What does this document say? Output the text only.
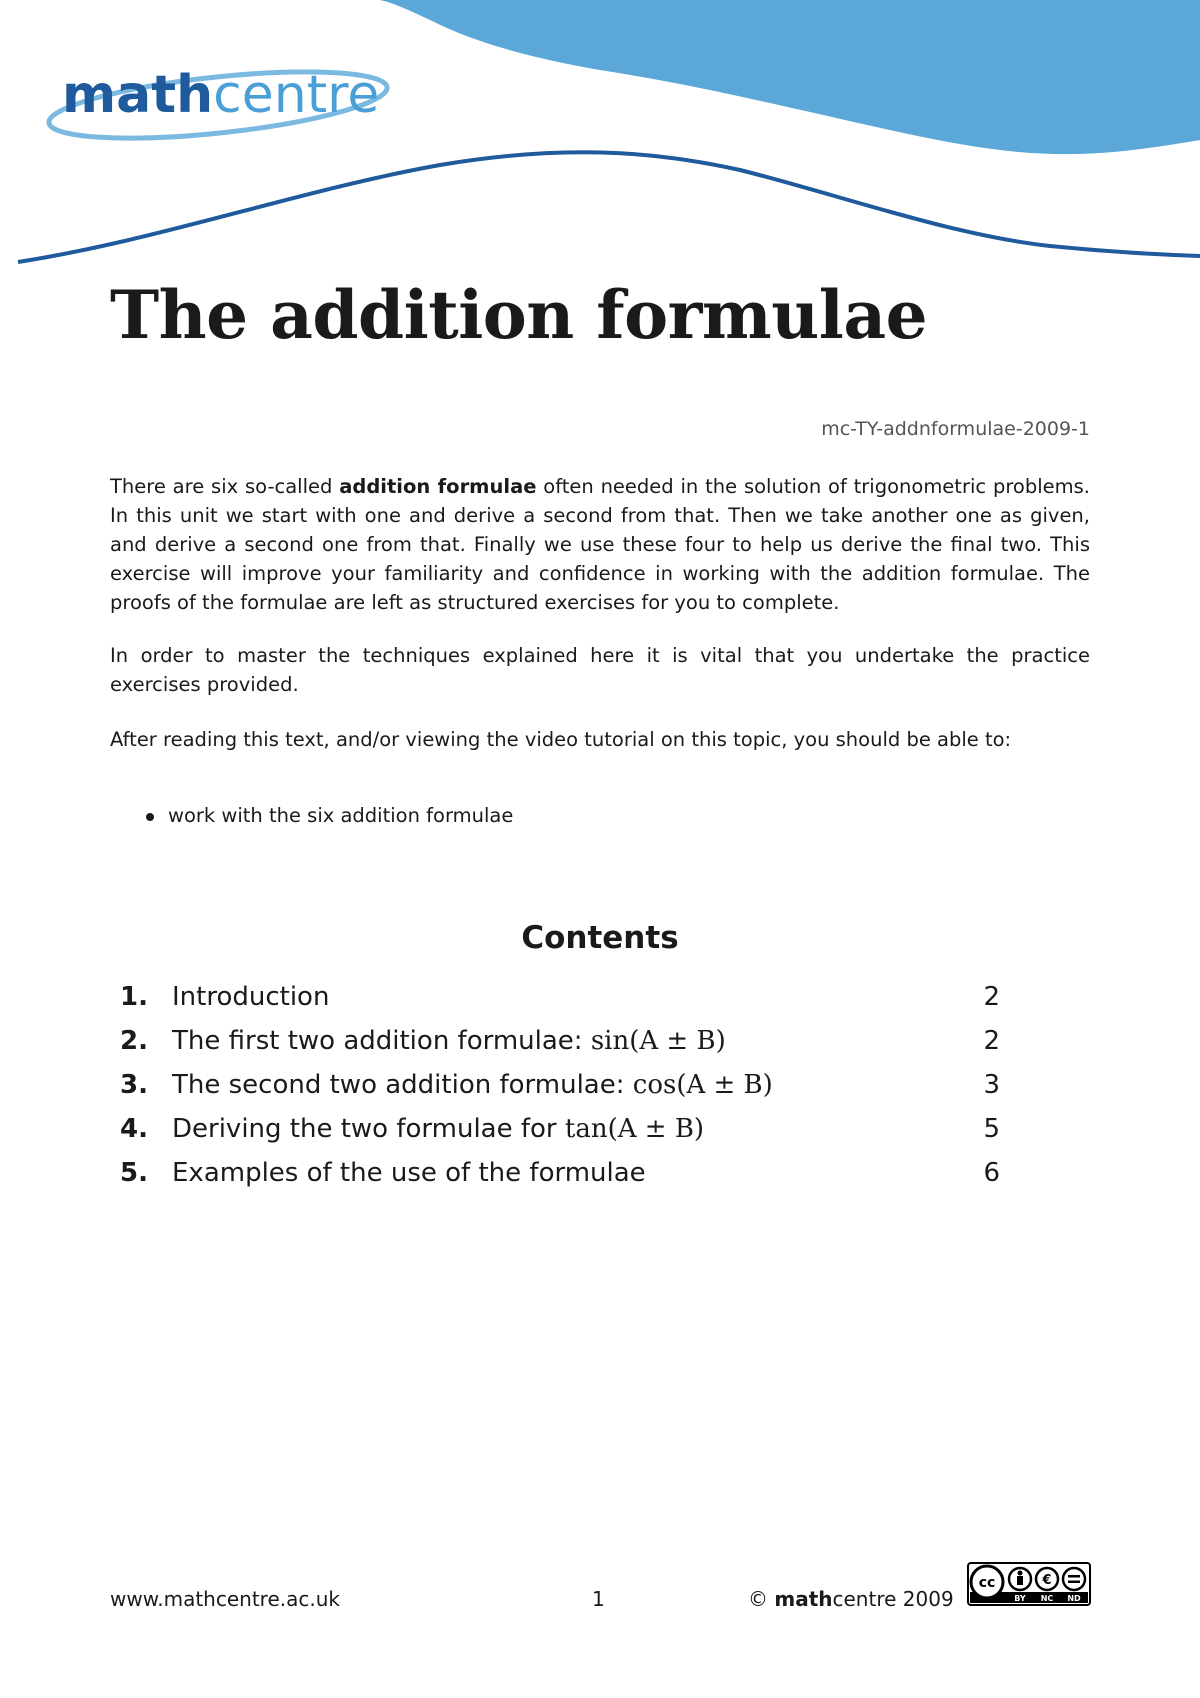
mathcentre
The addition formulae
mc-TY-addnformulae-2009-1

There are six so-called addition formulae often needed in the solution of trigonometric problems. In this unit we start with one and derive a second from that. Then we take another one as given, and derive a second one from that. Finally we use these four to help us derive the final two. This exercise will improve your familiarity and confidence in working with the addition formulae. The proofs of the formulae are left as structured exercises for you to complete.

In order to master the techniques explained here it is vital that you undertake the practice exercises provided.

After reading this text, and/or viewing the video tutorial on this topic, you should be able to:

work with the six addition formulae
Contents
1. Introduction	2
2. The first two addition formulae: sin(A ± B)	2
3. The second two addition formulae: cos(A ± B)	3
4. Deriving the two formulae for tan(A ± B)	5
5. Examples of the use of the formulae	6
www.mathcentre.ac.uk	1	© mathcentre 2009
cc	€
BY NC ND
